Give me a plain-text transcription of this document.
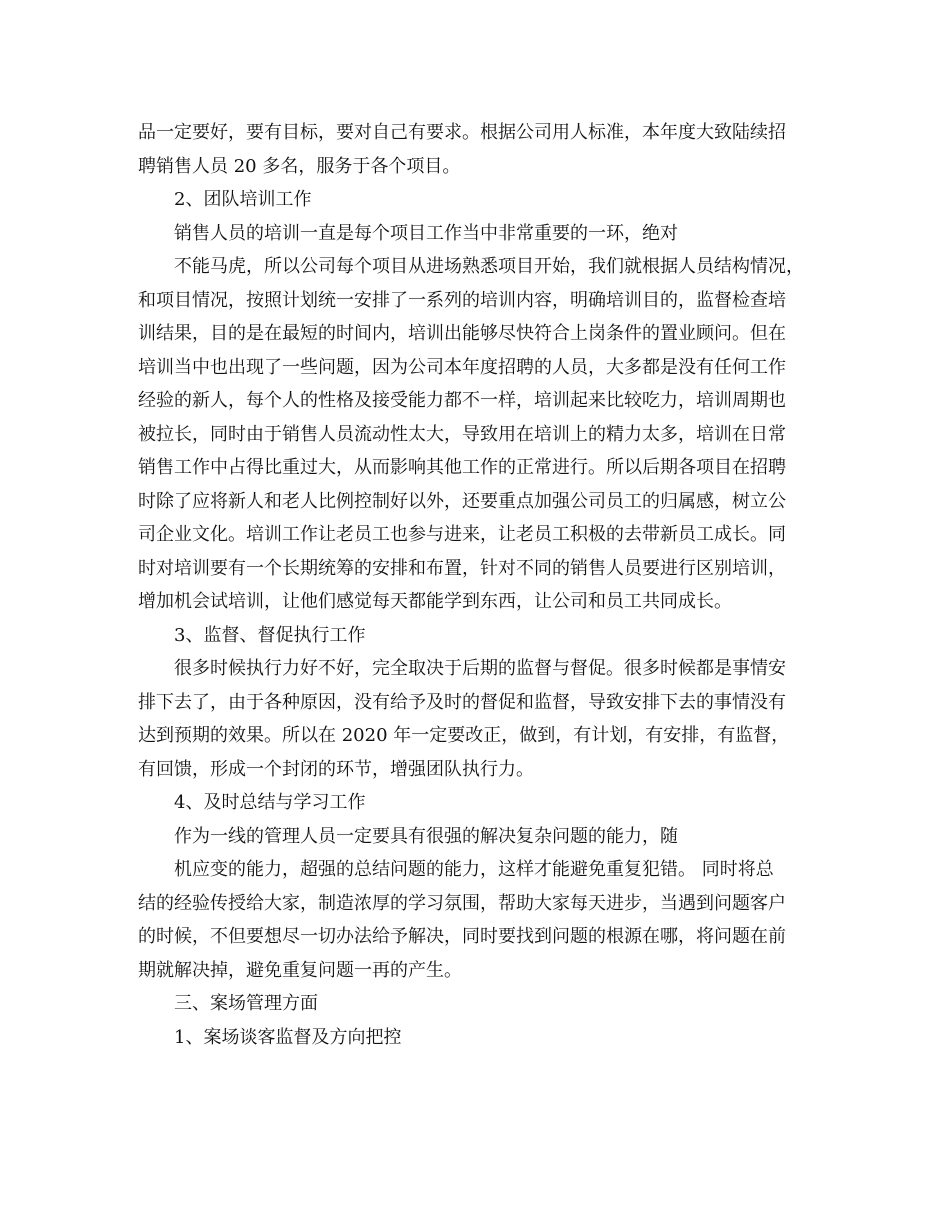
品一定要好，要有目标，要对自己有要求。根据公司用人标准，本年度大致陆续招
聘销售人员 20 多名，服务于各个项目。
2、团队培训工作
销售人员的培训一直是每个项目工作当中非常重要的一环，绝对
不能马虎，所以公司每个项目从进场熟悉项目开始，我们就根据人员结构情况，
和项目情况，按照计划统一安排了一系列的培训内容，明确培训目的，监督检查培
训结果，目的是在最短的时间内，培训出能够尽快符合上岗条件的置业顾问。但在
培训当中也出现了一些问题，因为公司本年度招聘的人员，大多都是没有任何工作
经验的新人，每个人的性格及接受能力都不一样，培训起来比较吃力，培训周期也
被拉长，同时由于销售人员流动性太大，导致用在培训上的精力太多，培训在日常
销售工作中占得比重过大，从而影响其他工作的正常进行。所以后期各项目在招聘
时除了应将新人和老人比例控制好以外，还要重点加强公司员工的归属感，树立公
司企业文化。培训工作让老员工也参与进来，让老员工积极的去带新员工成长。同
时对培训要有一个长期统筹的安排和布置，针对不同的销售人员要进行区别培训，
增加机会试培训，让他们感觉每天都能学到东西，让公司和员工共同成长。
3、监督、督促执行工作
很多时候执行力好不好，完全取决于后期的监督与督促。很多时候都是事情安
排下去了，由于各种原因，没有给予及时的督促和监督，导致安排下去的事情没有
达到预期的效果。所以在 2020 年一定要改正，做到，有计划，有安排，有监督，
有回馈，形成一个封闭的环节，增强团队执行力。
4、及时总结与学习工作
作为一线的管理人员一定要具有很强的解决复杂问题的能力，随
机应变的能力，超强的总结问题的能力，这样才能避免重复犯错。 同时将总
结的经验传授给大家，制造浓厚的学习氛围，帮助大家每天进步，当遇到问题客户
的时候，不但要想尽一切办法给予解决，同时要找到问题的根源在哪，将问题在前
期就解决掉，避免重复问题一再的产生。
三、案场管理方面
1、案场谈客监督及方向把控
